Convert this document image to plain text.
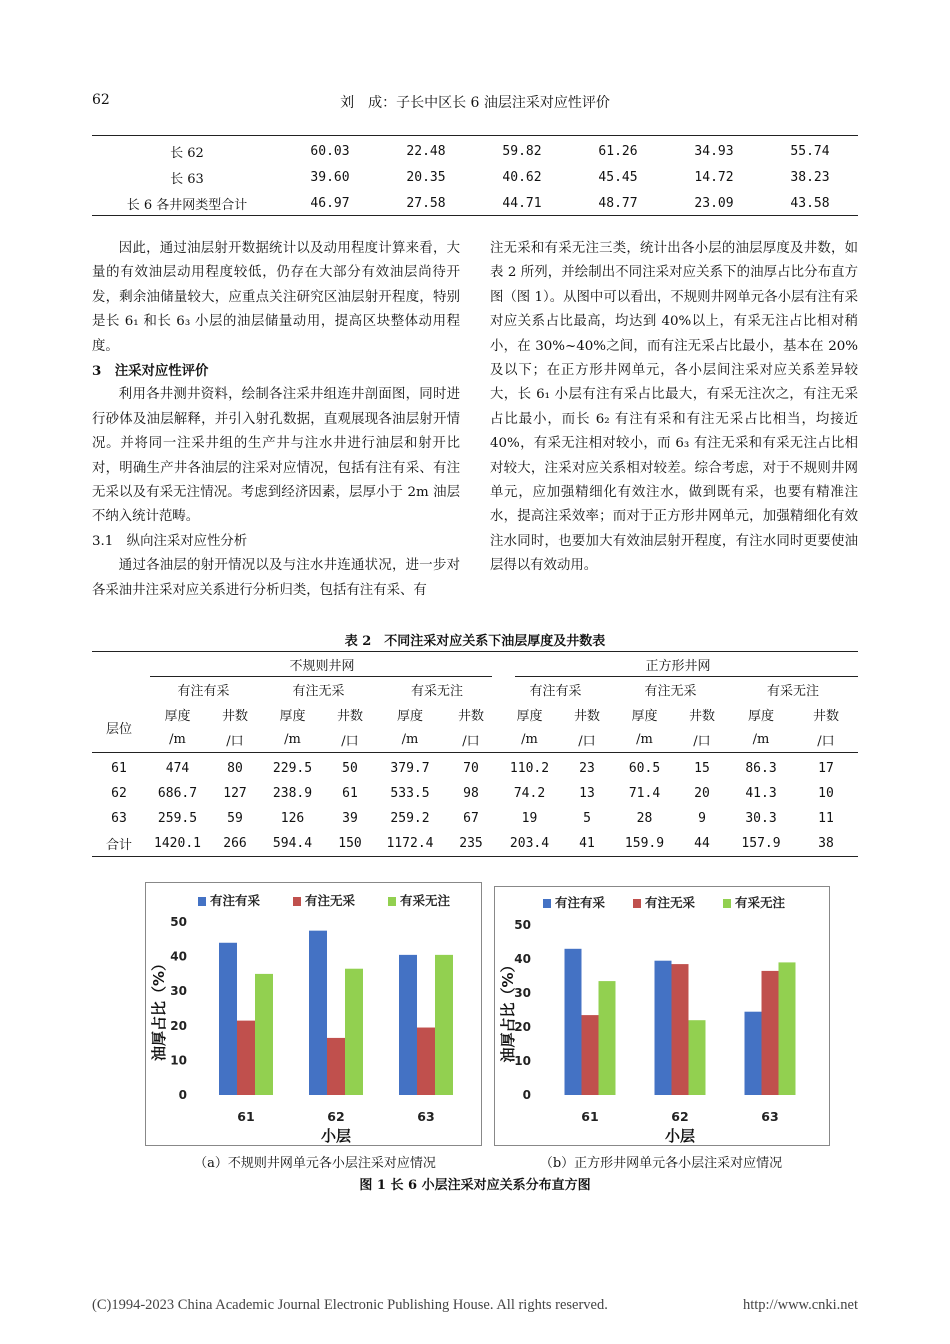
62	刘　成：子长中区长 6 油层注采对应性评价
长 62	60.03	22.48	59.82	61.26	34.93	55.74
长 63	39.60	20.35	40.62	45.45	14.72	38.23
长 6 各井网类型合计	46.97	27.58	44.71	48.77	23.09	43.58

因此，通过油层射开数据统计以及动用程度计算来看，大量的有效油层动用程度较低，仍存在大部分有效油层尚待开发，剩余油储量较大，应重点关注研究区油层射开程度，特别是长 6₁ 和长 6₃ 小层的油层储量动用，提高区块整体动用程度。

3　注采对应性评价

利用各井测井资料，绘制各注采井组连井剖面图，同时进行砂体及油层解释，并引入射孔数据，直观展现各油层射开情况。并将同一注采井组的生产井与注水井进行油层和射开比对，明确生产井各油层的注采对应情况，包括有注有采、有注无采以及有采无注情况。考虑到经济因素，层厚小于 2m 油层不纳入统计范畴。

3.1　纵向注采对应性分析

通过各油层的射开情况以及与注水井连通状况，进一步对各采油井注采对应关系进行分析归类，包括有注有采、有

注无采和有采无注三类，统计出各小层的油层厚度及井数，如表 2 所列，并绘制出不同注采对应关系下的油厚占比分布直方图（图 1）。从图中可以看出，不规则井网单元各小层有注有采对应关系占比最高，均达到 40%以上，有采无注占比相对稍小，在 30%~40%之间，而有注无采占比最小，基本在 20%及以下；在正方形井网单元，各小层间注采对应关系差异较大，长 6₁ 小层有注有采占比最大，有采无注次之，有注无采占比最小，而长 6₂ 有注有采和有注无采占比相当，均接近 40%，有采无注相对较小，而 6₃ 有注无采和有采无注占比相对较大，注采对应关系相对较差。综合考虑，对于不规则井网单元，应加强精细化有效注水，做到既有采，也要有精准注水，提高注采效率；而对于正方形井网单元，加强精细化有效注水同时，也要加大有效油层射开程度，有注水同时更要使油层得以有效动用。

表 2　不同注采对应关系下油层厚度及井数表
	不规则井网						正方形井网					
	有注有采		有注无采		有采无注		有注有采		有注无采		有采无注	
	厚度	井数	厚度	井数	厚度	井数	厚度	井数	厚度	井数	厚度	井数
层位	/m	/口	/m	/口	/m	/口	/m	/口	/m	/口	/m	/口

61	474	80	229.5	50	379.7	70	110.2	23	60.5	15	86.3	17
62	686.7	127	238.9	61	533.5	98	74.2	13	71.4	20	41.3	10
63	259.5	59	126	39	259.2	67	19	5	28	9	30.3	11
合计	1420.1	266	594.4	150	1172.4	235	203.4	41	159.9	44	157.9	38
0
10
20
30
40
50
油厚占比（%）
有注有采	有注无采	有采无注
61	62	63
小层
0
10
20
30
40
50
油厚占比（%）
有注有采	有注无采	有采无注
61	62	63
小层
（a）不规则井网单元各小层注采对应情况	（b）正方形井网单元各小层注采对应情况
图 1 长 6 小层注采对应关系分布直方图
(C)1994-2023 China Academic Journal Electronic Publishing House. All rights reserved.	http://www.cnki.net
